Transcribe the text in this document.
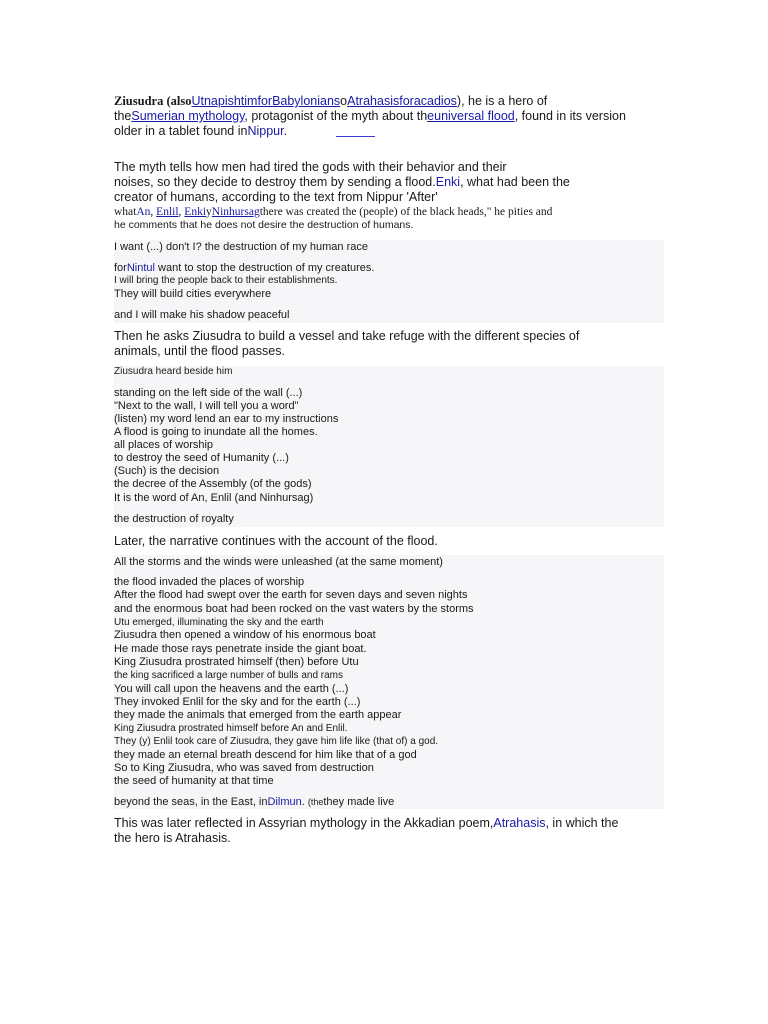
Ziusudra (alsoUtnapishtimforBabyloniansoAtrahasisforacadios), he is a hero of
theSumerian mythology, protagonist of the myth about theuniversal flood, found in its version
older in a tablet found inNippur.
The myth tells how men had tired the gods with their behavior and their
noises, so they decide to destroy them by sending a flood.Enki, what had been the
creator of humans, according to the text from Nippur 'After'
whatAn, Enlil, EnkiyNinhursagthere was created the (people) of the black heads," he pities and
he comments that he does not desire the destruction of humans.
I want (...) don't I? the destruction of my human race
forNintul want to stop the destruction of my creatures.
I will bring the people back to their establishments.
They will build cities everywhere
and I will make his shadow peaceful
Then he asks Ziusudra to build a vessel and take refuge with the different species of
animals, until the flood passes.
Ziusudra heard beside him
standing on the left side of the wall (...)
"Next to the wall, I will tell you a word"
(listen) my word lend an ear to my instructions
A flood is going to inundate all the homes.
all places of worship
to destroy the seed of Humanity (...)
(Such) is the decision
the decree of the Assembly (of the gods)
It is the word of An, Enlil (and Ninhursag)
the destruction of royalty
Later, the narrative continues with the account of the flood.
All the storms and the winds were unleashed (at the same moment)
the flood invaded the places of worship
After the flood had swept over the earth for seven days and seven nights
and the enormous boat had been rocked on the vast waters by the storms
Utu emerged, illuminating the sky and the earth
Ziusudra then opened a window of his enormous boat
He made those rays penetrate inside the giant boat.
King Ziusudra prostrated himself (then) before Utu
the king sacrificed a large number of bulls and rams
You will call upon the heavens and the earth (...)
They invoked Enlil for the sky and for the earth (...)
they made the animals that emerged from the earth appear
King Ziusudra prostrated himself before An and Enlil.
They (y) Enlil took care of Ziusudra, they gave him life like (that of) a god.
they made an eternal breath descend for him like that of a god
So to King Ziusudra, who was saved from destruction
the seed of humanity at that time
beyond the seas, in the East, inDilmun. (thethey made live
This was later reflected in Assyrian mythology in the Akkadian poem,Atrahasis, in which the
the hero is Atrahasis.
